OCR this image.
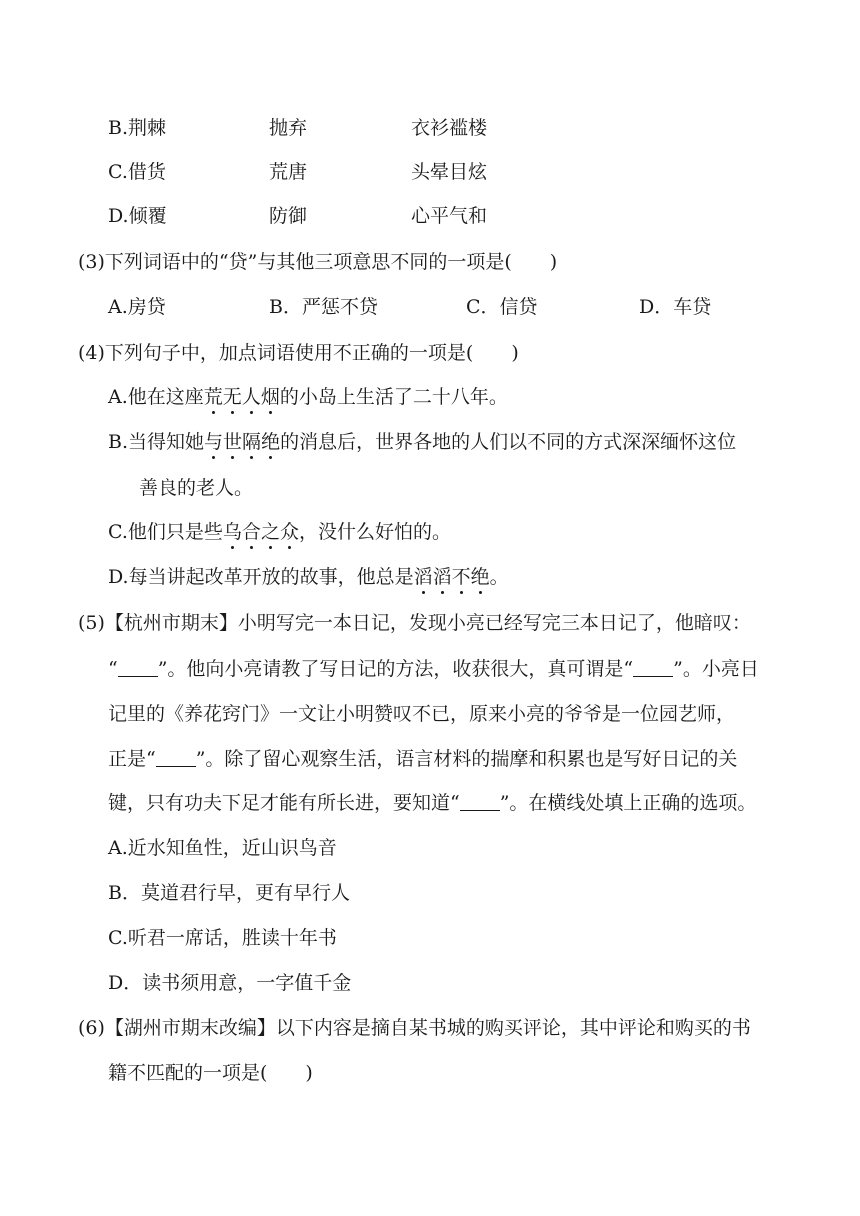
B.荆棘	抛弃	衣衫褴楼
C.借货	荒唐	头晕目炫
D.倾覆	防御	心平气和
(3)下列词语中的“贷”与其他三项意思不同的一项是(　　)
A.房贷	B．严惩不贷	C．信贷	D．车贷
(4)下列句子中，加点词语使用不正确的一项是(　　)
A.他在这座荒无人烟的小岛上生活了二十八年。
B.当得知她与世隔绝的消息后，世界各地的人们以不同的方式深深缅怀这位
善良的老人。
C.他们只是些乌合之众，没什么好怕的。
D.每当讲起改革开放的故事，他总是滔滔不绝。
(5)【杭州市期末】小明写完一本日记，发现小亮已经写完三本日记了，他暗叹：
“ ”。他向小亮请教了写日记的方法，收获很大，真可谓是“ ”。小亮日
记里的《养花窍门》一文让小明赞叹不已，原来小亮的爷爷是一位园艺师，
正是“ ”。除了留心观察生活，语言材料的揣摩和积累也是写好日记的关
键，只有功夫下足才能有所长进，要知道“ ”。在横线处填上正确的选项。
A.近水知鱼性，近山识鸟音
B．莫道君行早，更有早行人
C.听君一席话，胜读十年书
D．读书须用意，一字值千金
(6)【湖州市期末改编】以下内容是摘自某书城的购买评论，其中评论和购买的书
籍不匹配的一项是(　　)
